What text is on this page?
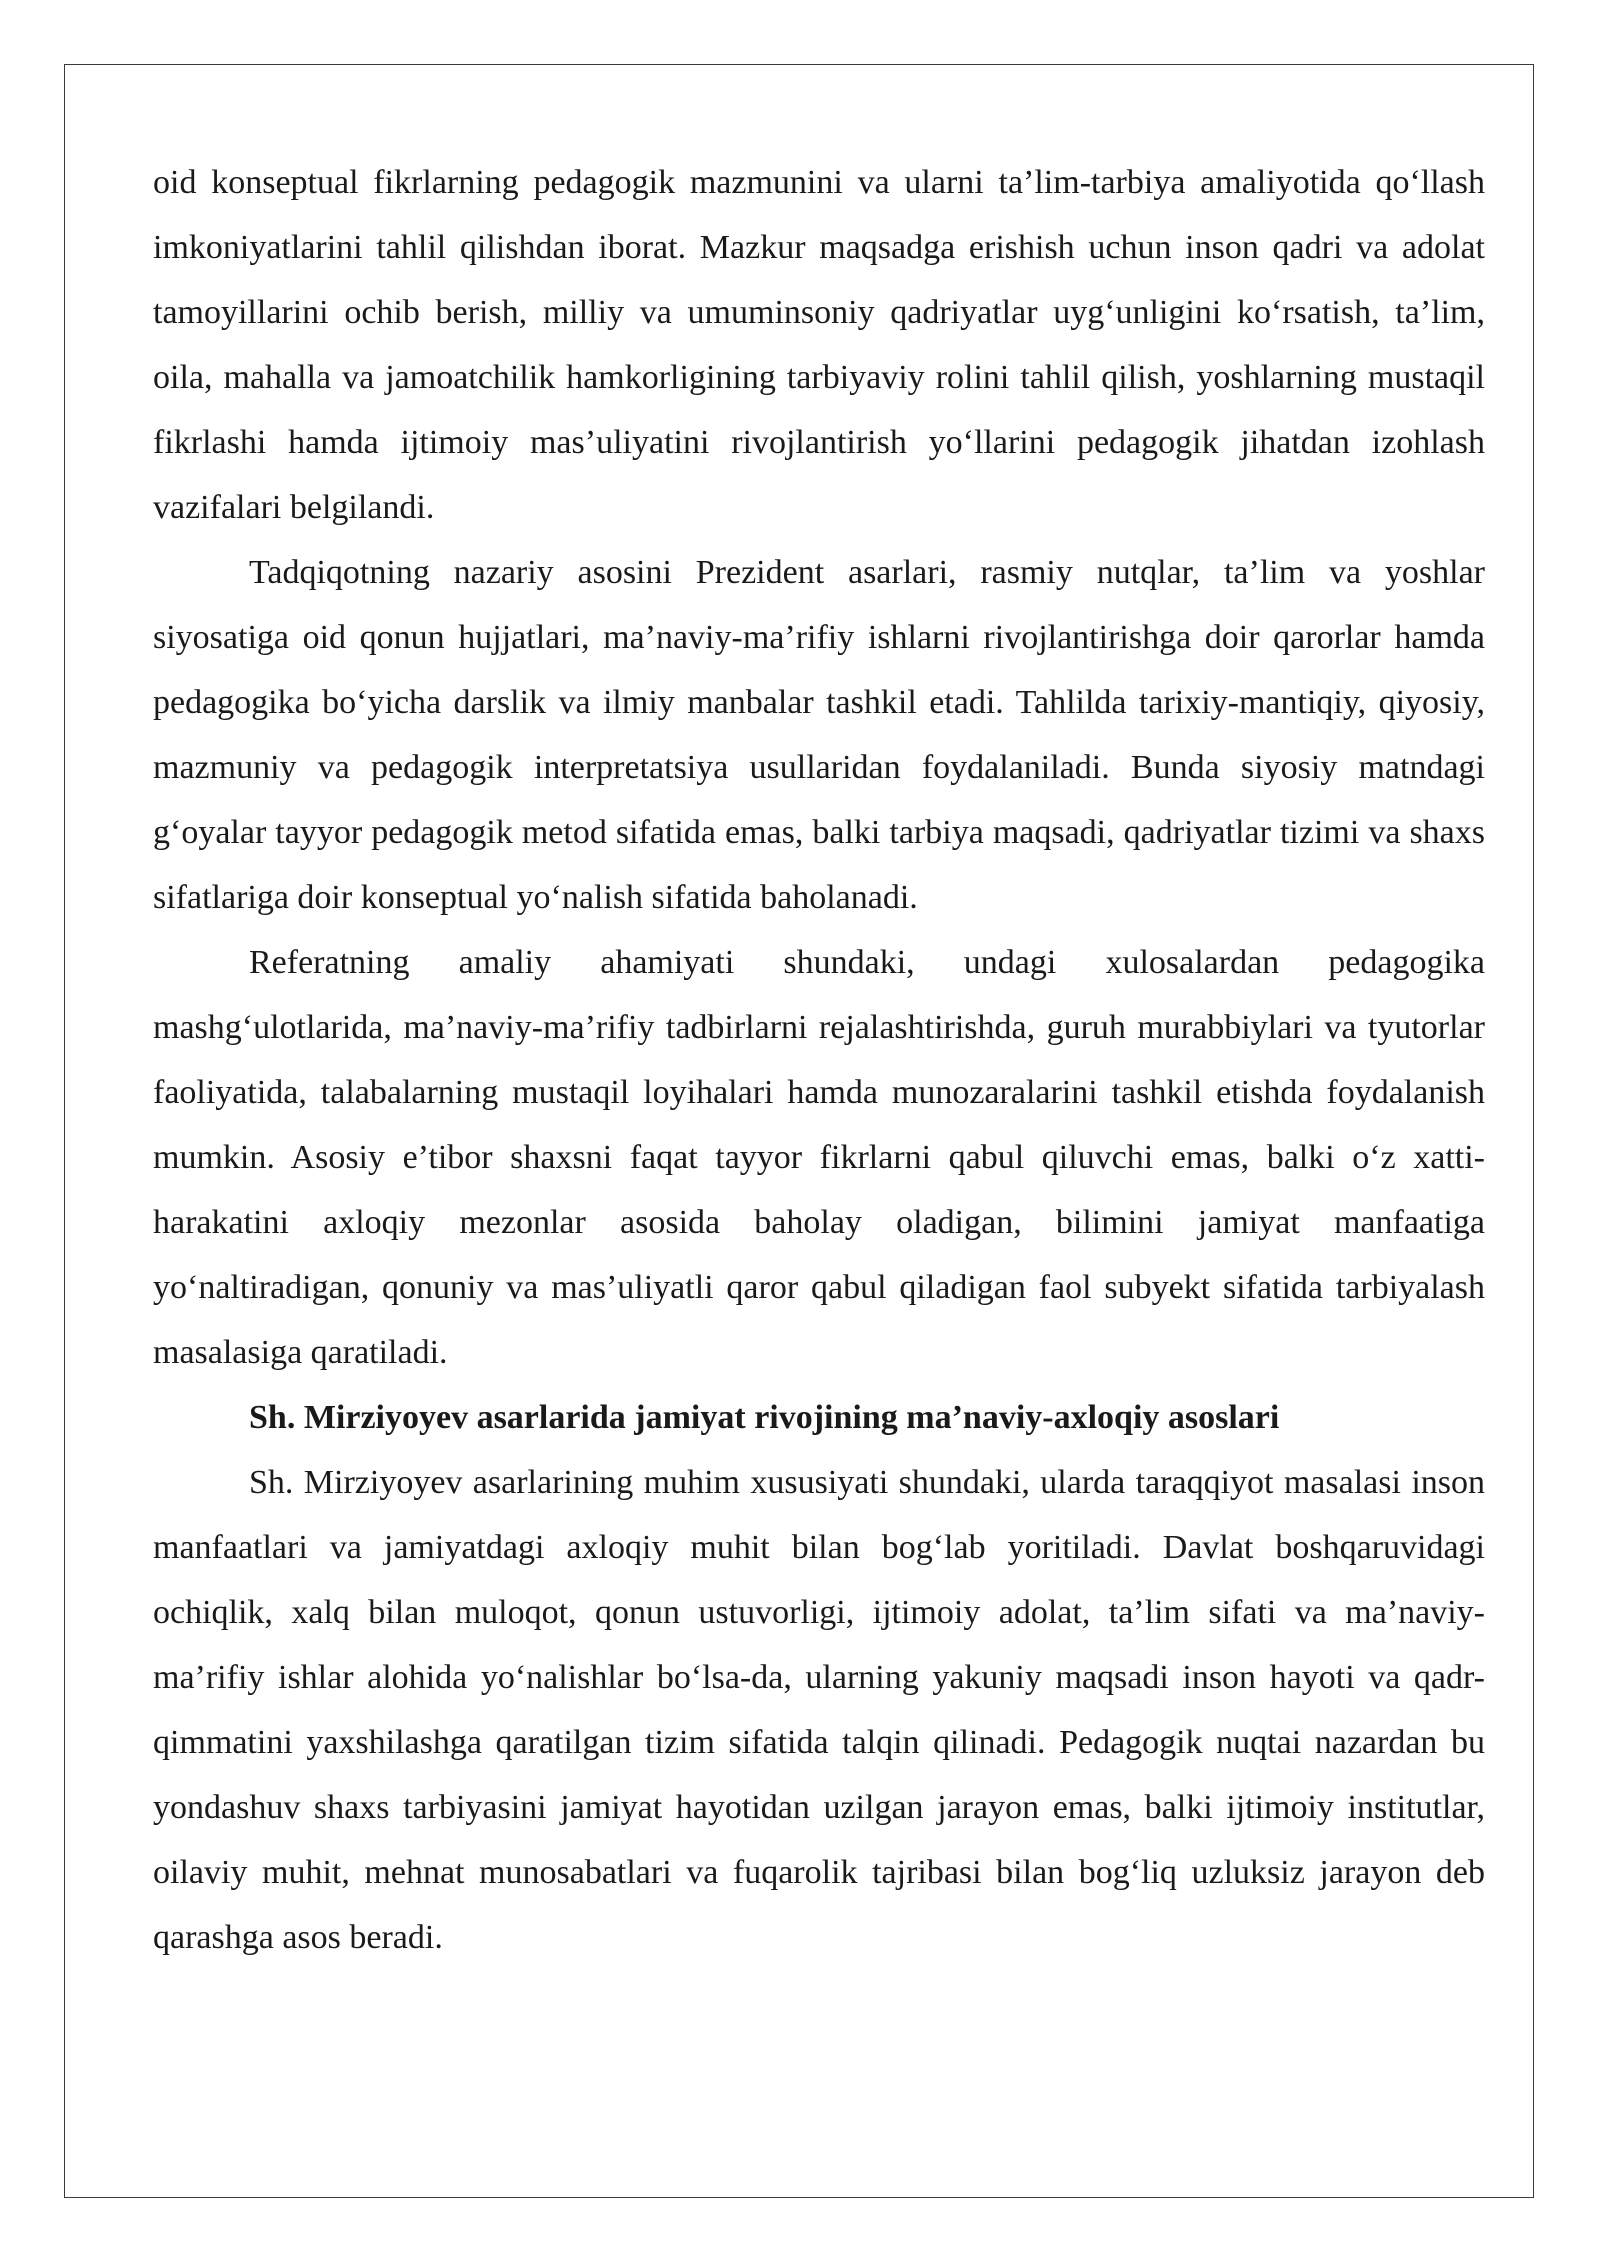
oid konseptual fikrlarning pedagogik mazmunini va ularni ta’lim-tarbiya amaliyotida qo‘llash imkoniyatlarini tahlil qilishdan iborat. Mazkur maqsadga erishish uchun inson qadri va adolat tamoyillarini ochib berish, milliy va umuminsoniy qadriyatlar uyg‘unligini ko‘rsatish, ta’lim, oila, mahalla va jamoatchilik hamkorligining tarbiyaviy rolini tahlil qilish, yoshlarning mustaqil fikrlashi hamda ijtimoiy mas’uliyatini rivojlantirish yo‘llarini pedagogik jihatdan izohlash vazifalari belgilandi.

Tadqiqotning nazariy asosini Prezident asarlari, rasmiy nutqlar, ta’lim va yoshlar siyosatiga oid qonun hujjatlari, ma’naviy-ma’rifiy ishlarni rivojlantirishga doir qarorlar hamda pedagogika bo‘yicha darslik va ilmiy manbalar tashkil etadi. Tahlilda tarixiy-mantiqiy, qiyosiy, mazmuniy va pedagogik interpretatsiya usullaridan foydalaniladi. Bunda siyosiy matndagi g‘oyalar tayyor pedagogik metod sifatida emas, balki tarbiya maqsadi, qadriyatlar tizimi va shaxs sifatlariga doir konseptual yo‘nalish sifatida baholanadi.

Referatning amaliy ahamiyati shundaki, undagi xulosalardan pedagogika mashg‘ulotlarida, ma’naviy-ma’rifiy tadbirlarni rejalashtirishda, guruh murabbiylari va tyutorlar faoliyatida, talabalarning mustaqil loyihalari hamda munozaralarini tashkil etishda foydalanish mumkin. Asosiy e’tibor shaxsni faqat tayyor fikrlarni qabul qiluvchi emas, balki o‘z xatti-harakatini axloqiy mezonlar asosida baholay oladigan, bilimini jamiyat manfaatiga yo‘naltiradigan, qonuniy va mas’uliyatli qaror qabul qiladigan faol subyekt sifatida tarbiyalash masalasiga qaratiladi.

Sh. Mirziyoyev asarlarida jamiyat rivojining ma’naviy-axloqiy asoslari

Sh. Mirziyoyev asarlarining muhim xususiyati shundaki, ularda taraqqiyot masalasi inson manfaatlari va jamiyatdagi axloqiy muhit bilan bog‘lab yoritiladi. Davlat boshqaruvidagi ochiqlik, xalq bilan muloqot, qonun ustuvorligi, ijtimoiy adolat, ta’lim sifati va ma’naviy-ma’rifiy ishlar alohida yo‘nalishlar bo‘lsa-da, ularning yakuniy maqsadi inson hayoti va qadr-qimmatini yaxshilashga qaratilgan tizim sifatida talqin qilinadi. Pedagogik nuqtai nazardan bu yondashuv shaxs tarbiyasini jamiyat hayotidan uzilgan jarayon emas, balki ijtimoiy institutlar, oilaviy muhit, mehnat munosabatlari va fuqarolik tajribasi bilan bog‘liq uzluksiz jarayon deb qarashga asos beradi.
